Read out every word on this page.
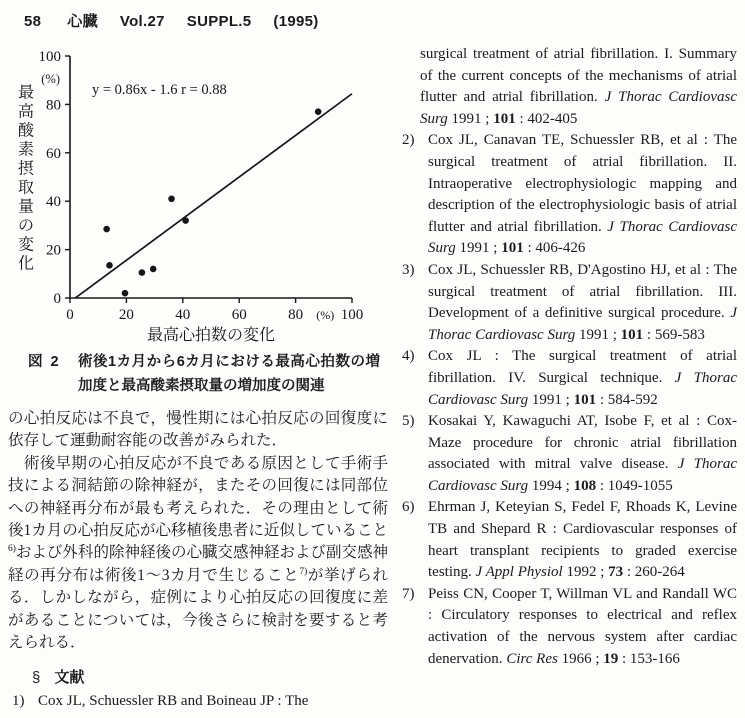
58 心臓 Vol.27 SUPPL.5 (1995)
0
20
40
60
80
100
(%)
0	20	40	60	80	100
(%)
最高心拍数の変化
最高酸素摂取量の変化
y = 0.86x - 1.6 r = 0.88
図 2	術後1カ月から6カ月における最高心拍数の増加度と最高酸素摂取量の増加度の関連
の心拍反応は不良で，慢性期には心拍反応の回復度に依存して運動耐容能の改善がみられた．
　術後早期の心拍反応が不良である原因として手術手技による洞結節の除神経が，またその回復には同部位への神経再分布が最も考えられた．その理由として術後1カ月の心拍反応が心移植後患者に近似していること$^{6)}$および外科的除神経後の心臓交感神経および副交感神経の再分布は術後1～3カ月で生じること$^{7)}$が挙げられる．しかしながら，症例により心拍反応の回復度に差があることについては，今後さらに検討を要すると考えられる．
§ 文献
1) Cox JL, Schuessler RB and Boineau JP : The
surgical treatment of atrial fibrillation. I. Summary of the current concepts of the mechanisms of atrial flutter and atrial fibrillation. J Thorac Cardiovasc Surg 1991 ; 101 : 402-405
2) Cox JL, Canavan TE, Schuessler RB, et al : The surgical treatment of atrial fibrillation. II. Intraoperative electrophysiologic mapping and description of the electrophysiologic basis of atrial flutter and atrial fibrillation. J Thorac Cardiovasc Surg 1991 ; 101 : 406-426
3) Cox JL, Schuessler RB, D'Agostino HJ, et al : The surgical treatment of atrial fibrillation. III. Development of a definitive surgical procedure. J Thorac Cardiovasc Surg 1991 ; 101 : 569-583
4) Cox JL : The surgical treatment of atrial fibrillation. IV. Surgical technique. J Thorac Cardiovasc Surg 1991 ; 101 : 584-592
5) Kosakai Y, Kawaguchi AT, Isobe F, et al : Cox-Maze procedure for chronic atrial fibrillation associated with mitral valve disease. J Thorac Cardiovasc Surg 1994 ; 108 : 1049-1055
6) Ehrman J, Keteyian S, Fedel F, Rhoads K, Levine TB and Shepard R : Cardiovascular responses of heart transplant recipients to graded exercise testing. J Appl Physiol 1992 ; 73 : 260-264
7) Peiss CN, Cooper T, Willman VL and Randall WC : Circulatory responses to electrical and reflex activation of the nervous system after cardiac denervation. Circ Res 1966 ; 19 : 153-166
